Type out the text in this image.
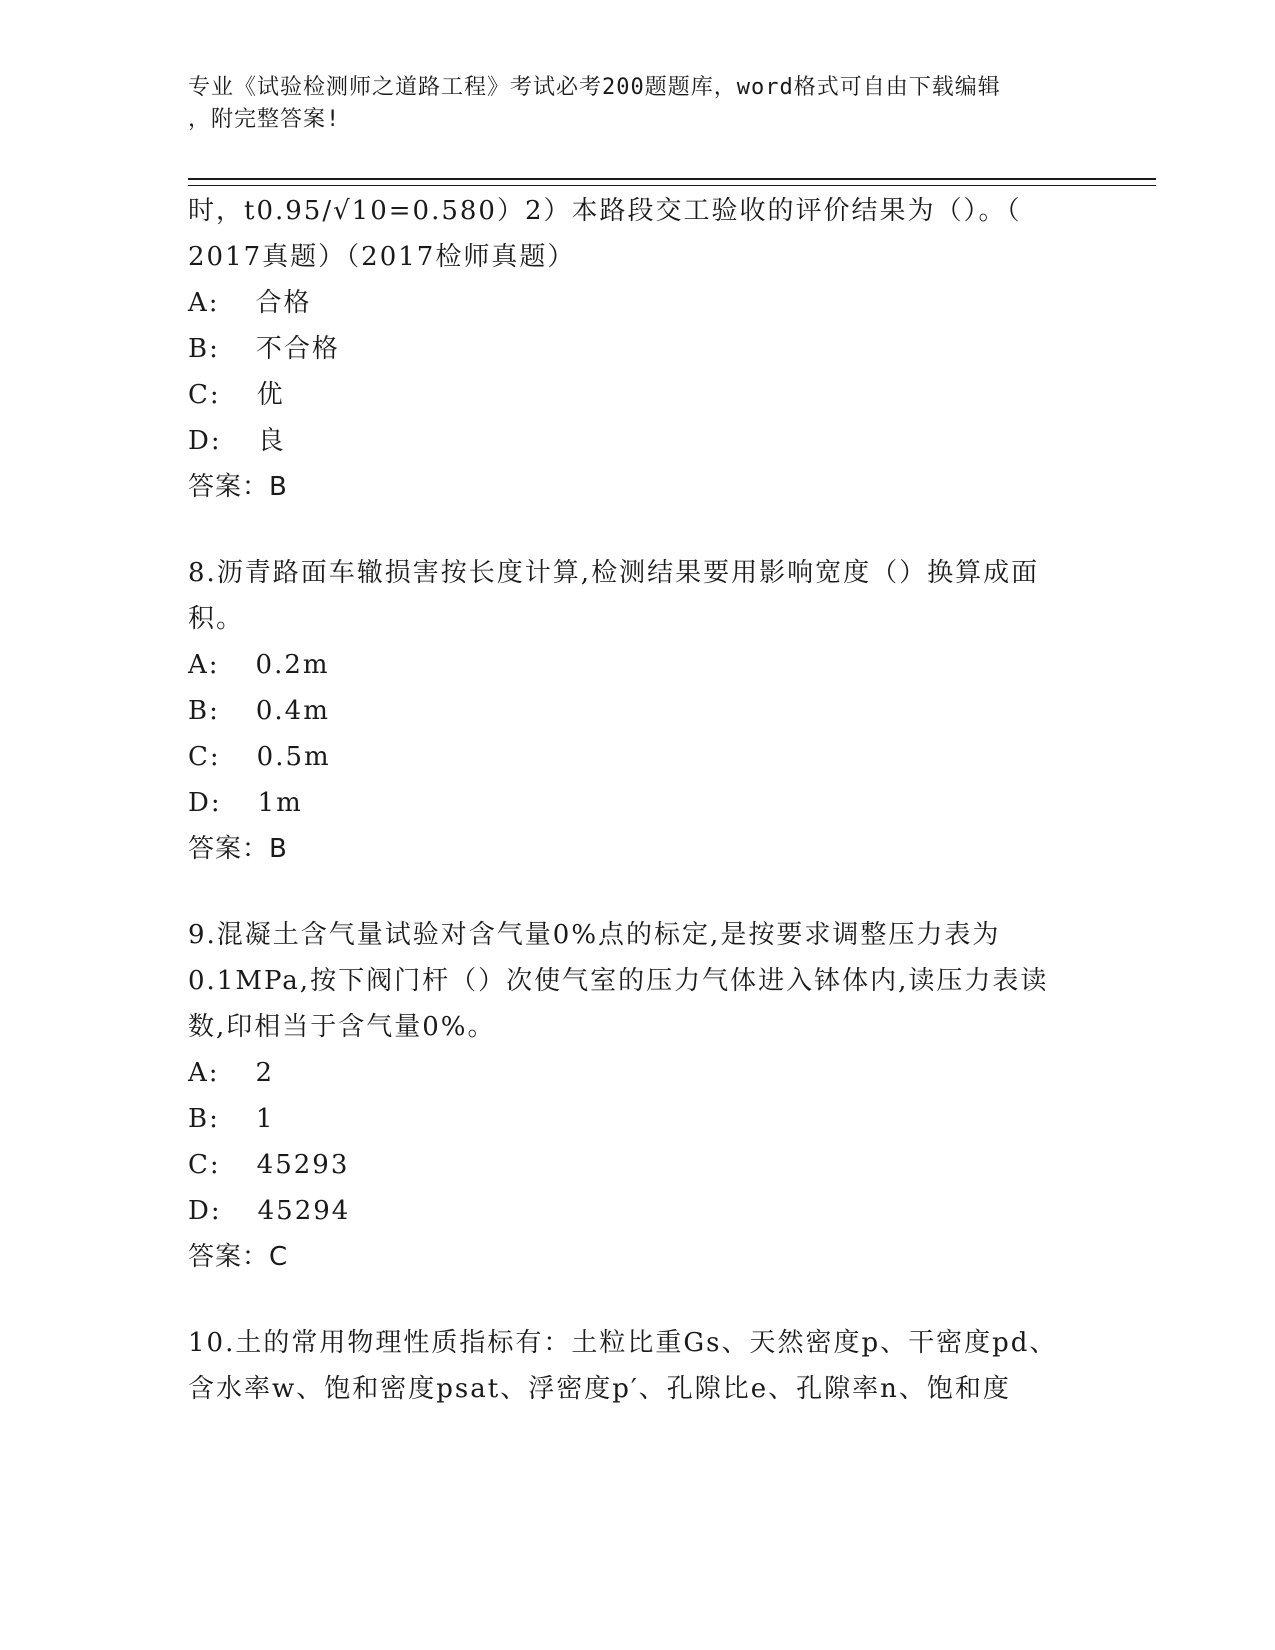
专业《试验检测师之道路工程》考试必考200题题库，word格式可自由下载编辑
，附完整答案!
时，t0.95/√10=0.580）2）本路段交工验收的评价结果为（）。（
2017真题）（2017检师真题）
A: 合格
B: 不合格
C: 优
D: 良
答案：B
8.沥青路面车辙损害按长度计算,检测结果要用影响宽度（）换算成面
积。
A: 0.2m
B: 0.4m
C: 0.5m
D: 1m
答案：B
9.混凝土含气量试验对含气量0%点的标定,是按要求调整压力表为
0.1MPa,按下阀门杆（）次使气室的压力气体进入钵体内,读压力表读
数,印相当于含气量0%。
A: 2
B: 1
C: 45293
D: 45294
答案：C
10.土的常用物理性质指标有：土粒比重Gs、天然密度p、干密度pd、
含水率w、饱和密度psat、浮密度p′、孔隙比e、孔隙率n、饱和度
